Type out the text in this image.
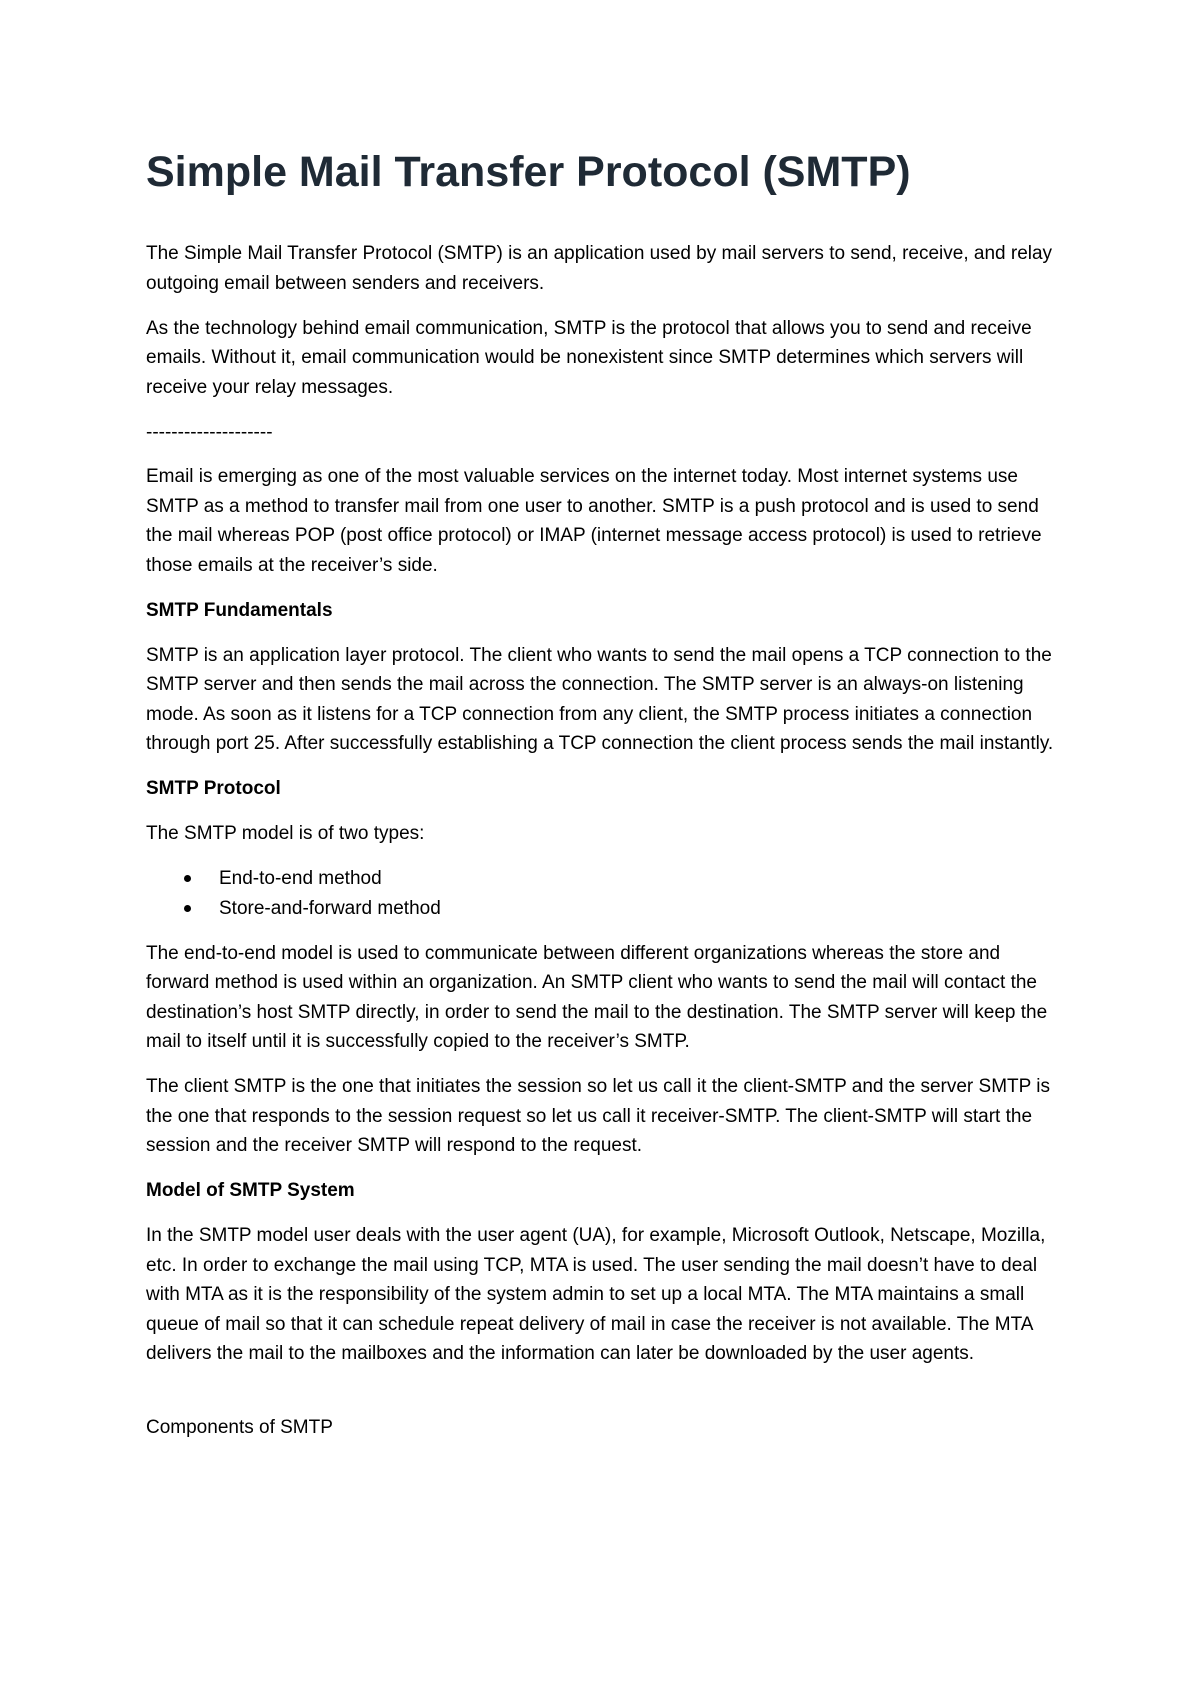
Simple Mail Transfer Protocol (SMTP)

The Simple Mail Transfer Protocol (SMTP) is an application used by mail servers to send, receive, and relay outgoing email between senders and receivers.

As the technology behind email communication, SMTP is the protocol that allows you to send and receive emails. Without it, email communication would be nonexistent since SMTP determines which servers will receive your relay messages.

--------------------

Email is emerging as one of the most valuable services on the internet today. Most internet systems use SMTP as a method to transfer mail from one user to another. SMTP is a push protocol and is used to send the mail whereas POP (post office protocol) or IMAP (internet message access protocol) is used to retrieve those emails at the receiver’s side.

SMTP Fundamentals

SMTP is an application layer protocol. The client who wants to send the mail opens a TCP connection to the SMTP server and then sends the mail across the connection. The SMTP server is an always-on listening mode. As soon as it listens for a TCP connection from any client, the SMTP process initiates a connection through port 25. After successfully establishing a TCP connection the client process sends the mail instantly.

SMTP Protocol

The SMTP model is of two types:

End-to-end method
Store-and-forward method

The end-to-end model is used to communicate between different organizations whereas the store and forward method is used within an organization. An SMTP client who wants to send the mail will contact the destination’s host SMTP directly, in order to send the mail to the destination. The SMTP server will keep the mail to itself until it is successfully copied to the receiver’s SMTP.

The client SMTP is the one that initiates the session so let us call it the client-SMTP and the server SMTP is the one that responds to the session request so let us call it receiver-SMTP. The client-SMTP will start the session and the receiver SMTP will respond to the request.

Model of SMTP System

In the SMTP model user deals with the user agent (UA), for example, Microsoft Outlook, Netscape, Mozilla, etc. In order to exchange the mail using TCP, MTA is used. The user sending the mail doesn’t have to deal with MTA as it is the responsibility of the system admin to set up a local MTA. The MTA maintains a small queue of mail so that it can schedule repeat delivery of mail in case the receiver is not available. The MTA delivers the mail to the mailboxes and the information can later be downloaded by the user agents.

Components of SMTP
